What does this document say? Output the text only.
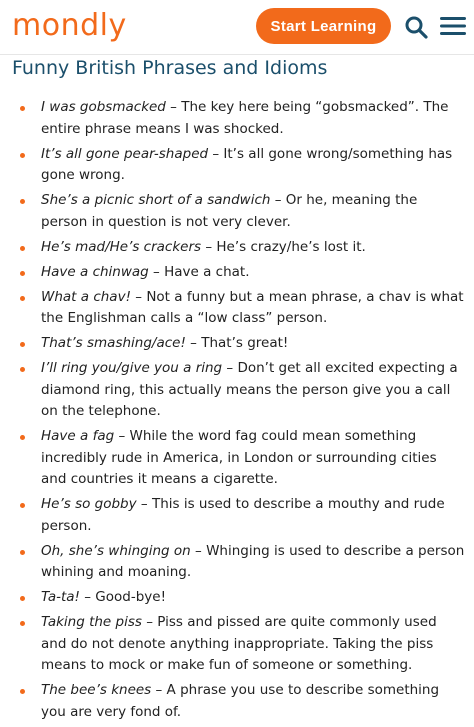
mondly	Start Learning
Funny British Phrases and Idioms
I was gobsmacked – The key here being “gobsmacked”. The entire phrase means I was shocked.
It’s all gone pear-shaped – It’s all gone wrong/something has gone wrong.
She’s a picnic short of a sandwich – Or he, meaning the person in question is not very clever.
He’s mad/He’s crackers – He’s crazy/he’s lost it.
Have a chinwag – Have a chat.
What a chav! – Not a funny but a mean phrase, a chav is what the Englishman calls a “low class” person.
That’s smashing/ace! – That’s great!
I’ll ring you/give you a ring – Don’t get all excited expecting a diamond ring, this actually means the person give you a call on the telephone.
Have a fag – While the word fag could mean something incredibly rude in America, in London or surrounding cities and countries it means a cigarette.
He’s so gobby – This is used to describe a mouthy and rude person.
Oh, she’s whinging on – Whinging is used to describe a person whining and moaning.
Ta-ta! – Good-bye!
Taking the piss – Piss and pissed are quite commonly used and do not denote anything inappropriate. Taking the piss means to mock or make fun of someone or something.
The bee’s knees – A phrase you use to describe something you are very fond of.
